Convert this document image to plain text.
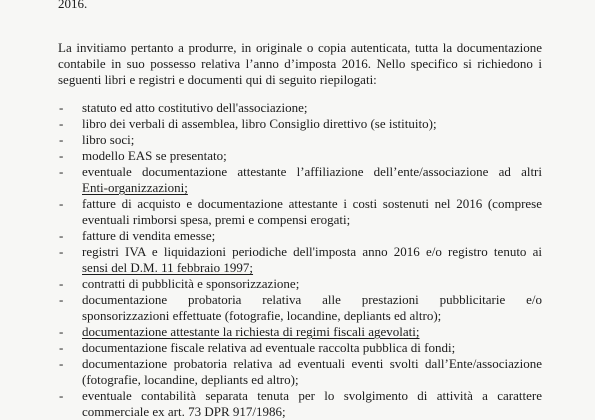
2016.
La invitiamo pertanto a produrre, in originale o copia autenticata, tutta la documentazione
contabile in suo possesso relativa l’anno d’imposta 2016. Nello specifico si richiedono i
seguenti libri e registri e documenti qui di seguito riepilogati:
- statuto ed atto costitutivo dell'associazione;
- libro dei verbali di assemblea, libro Consiglio direttivo (se istituito);
- libro soci;
- modello EAS se presentato;
- eventuale documentazione attestante l’affiliazione dell’ente/associazione ad altri
Enti-organizzazioni;
- fatture di acquisto e documentazione attestante i costi sostenuti nel 2016 (comprese
eventuali rimborsi spesa, premi e compensi erogati;
- fatture di vendita emesse;
- registri IVA e liquidazioni periodiche dell'imposta anno 2016 e/o registro tenuto ai
sensi del D.M. 11 febbraio 1997;
- contratti di pubblicità e sponsorizzazione;
- documentazione probatoria relativa alle prestazioni pubblicitarie e/o
sponsorizzazioni effettuate (fotografie, locandine, depliants ed altro);
- documentazione attestante la richiesta di regimi fiscali agevolati;
- documentazione fiscale relativa ad eventuale raccolta pubblica di fondi;
- documentazione probatoria relativa ad eventuali eventi svolti dall’Ente/associazione
(fotografie, locandine, depliants ed altro);
- eventuale contabilità separata tenuta per lo svolgimento di attività a carattere
commerciale ex art. 73 DPR 917/1986;
